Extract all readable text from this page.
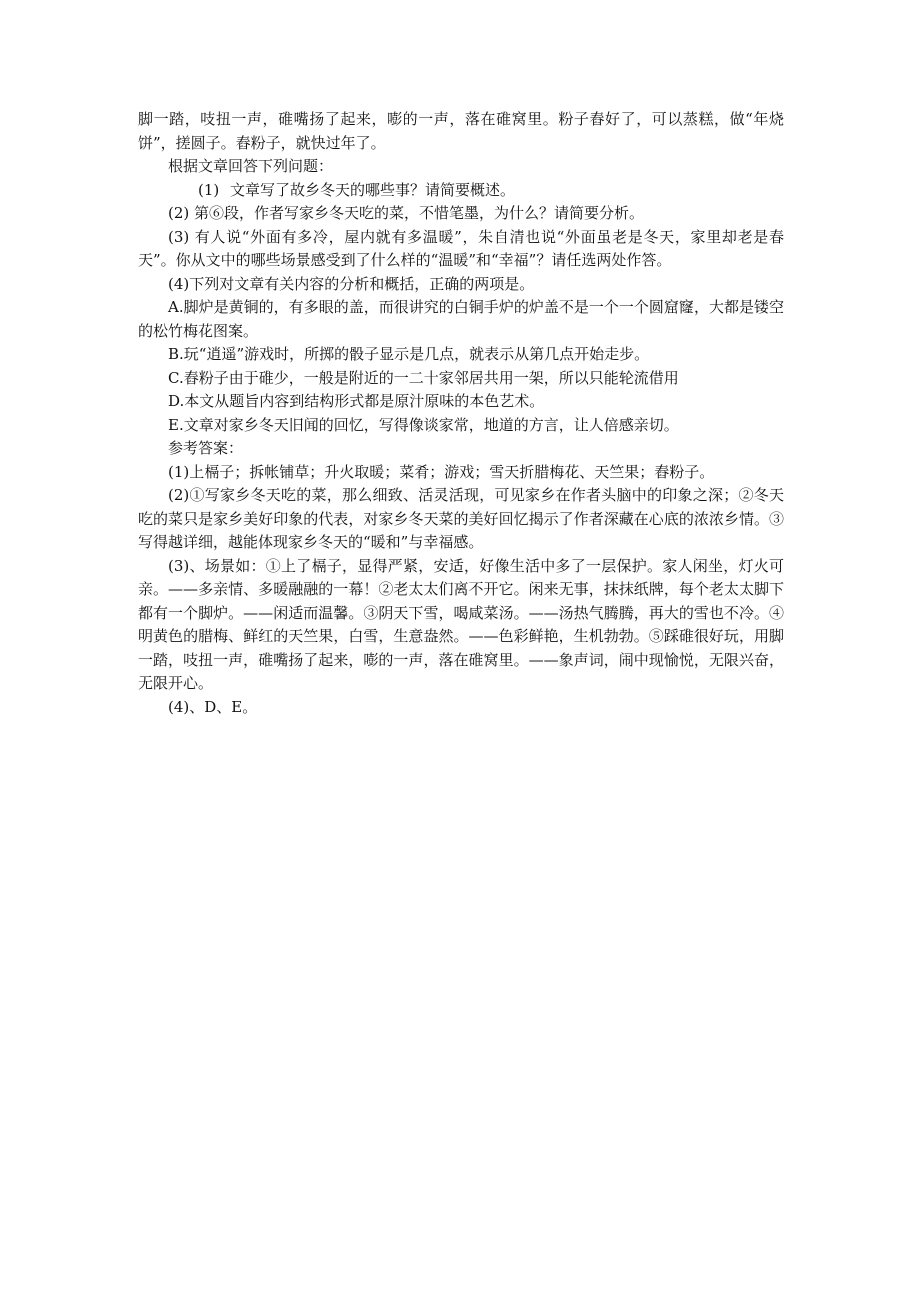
脚一踏，吱扭一声，碓嘴扬了起来，嘭的一声，落在碓窝里。粉子舂好了，可以蒸糕，做“年烧饼”，搓圆子。舂粉子，就快过年了。

根据文章回答下列问题：

(1) 文章写了故乡冬天的哪些事？请简要概述。

(2) 第⑥段，作者写家乡冬天吃的菜，不惜笔墨，为什么？请简要分析。

(3) 有人说“外面有多冷，屋内就有多温暖”，朱自清也说“外面虽老是冬天，家里却老是春天”。你从文中的哪些场景感受到了什么样的“温暖”和“幸福”？请任选两处作答。

(4)下列对文章有关内容的分析和概括，正确的两项是。

A.脚炉是黄铜的，有多眼的盖，而很讲究的白铜手炉的炉盖不是一个一个圆窟窿，大都是镂空的松竹梅花图案。

B.玩“逍遥”游戏时，所掷的骰子显示是几点，就表示从第几点开始走步。

C.舂粉子由于碓少，一般是附近的一二十家邻居共用一架，所以只能轮流借用

D.本文从题旨内容到结构形式都是原汁原味的本色艺术。

E.文章对家乡冬天旧闻的回忆，写得像谈家常，地道的方言，让人倍感亲切。

参考答案：

(1)上槅子；拆帐铺草；升火取暖；菜肴；游戏；雪天折腊梅花、天竺果；舂粉子。

(2)①写家乡冬天吃的菜，那么细致、活灵活现，可见家乡在作者头脑中的印象之深；②冬天吃的菜只是家乡美好印象的代表，对家乡冬天菜的美好回忆揭示了作者深藏在心底的浓浓乡情。③写得越详细，越能体现家乡冬天的“暖和”与幸福感。

(3)、场景如：①上了槅子，显得严紧，安适，好像生活中多了一层保护。家人闲坐，灯火可亲。——多亲情、多暖融融的一幕！②老太太们离不开它。闲来无事，抹抹纸牌，每个老太太脚下都有一个脚炉。——闲适而温馨。③阴天下雪，喝咸菜汤。——汤热气腾腾，再大的雪也不冷。④明黄色的腊梅、鲜红的天竺果，白雪，生意盎然。——色彩鲜艳，生机勃勃。⑤踩碓很好玩，用脚一踏，吱扭一声，碓嘴扬了起来，嘭的一声，落在碓窝里。——象声词，闹中现愉悦，无限兴奋，无限开心。

(4)、D、E。
